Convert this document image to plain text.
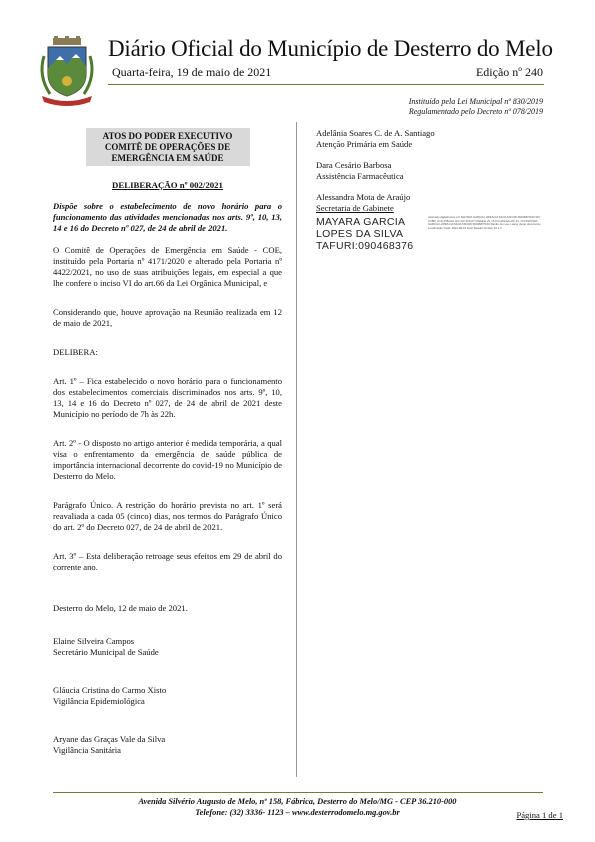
Diário Oficial do Município de Desterro do Melo
Quarta-feira, 19 de maio de 2021	Edição nº 240
Instituído pela Lei Municipal nº 830/2019
Regulamentado pelo Decreto nº 078/2019
ATOS DO PODER EXECUTIVO
COMITÊ DE OPERAÇÕES DE
EMERGÊNCIA EM SAÚDE
DELIBERAÇÃO nº 002/2021
Dispõe sobre o estabelecimento de novo horário para o funcionamento das atividades mencionadas nos arts. 9º, 10, 13, 14 e 16 do Decreto nº 027, de 24 de abril de 2021.
O Comitê de Operações de Emergência em Saúde - COE, instituído pela Portaria nº 4171/2020 e alterado pela Portaria nº 4422/2021, no uso de suas atribuições legais, em especial a que lhe confere o inciso VI do art.66 da Lei Orgânica Municipal, e
Considerando que, houve aprovação na Reunião realizada em 12 de maio de 2021,
DELIBERA:
Art. 1º – Fica estabelecido o novo horário para o funcionamento dos estabelecimentos comerciais discriminados nos arts. 9º, 10, 13, 14 e 16 do Decreto nº 027, de 24 de abril de 2021 deste Município no período de 7h às 22h.
Art. 2º - O disposto no artigo anterior é medida temporária, a qual visa o enfrentamento da emergência de saúde pública de importância internacional decorrente do covid-19 no Município de Desterro do Melo.
Parágrafo Único. A restrição do horário prevista no art. 1º será reavaliada a cada 05 (cinco) dias, nos termos do Parágrafo Único do art. 2º do Decreto 027, de 24 de abril de 2021.
Art. 3º – Esta deliberação retroage seus efeitos em 29 de abril do corrente ano.
Desterro do Melo, 12 de maio de 2021.
Elaine Silveira Campos
Secretário Municipal de Saúde
Gláucia Cristina do Carmo Xisto
Vigilância Epidemiológica
Aryane das Graças Vale da Silva
Vigilância Sanitária
Adelânia Soares C. de A. Santiago
Atenção Primária em Saúde
Dara Cesário Barbosa
Assistência Farmacêutica
Alessandra Mota de Araújo
Secretaria de Gabinete
MAYARA GARCIA
LOPES DA SILVA
TAFURI:090468376
Assinado digitalmente por MAYARA GARCIA LOPES DA SILVA TAFURI:09046837610 DN: C=BR, O=ICP-Brasil, OU=AC SOLUTI Multipla v5, OU=Certificado PF A1, CN=MAYARA GARCIA LOPES DA SILVA TAFURI:09046837610 Razão: Eu sou o autor deste documento Localização: Data: 2021-05-19 Foxit Reader Versão: 10.1.0
Avenida Silvério Augusto de Melo, nº 158, Fábrica, Desterro do Melo/MG - CEP 36.210-000
Telefone: (32) 3336- 1123 – www.desterrodomelo.mg.gov.br	Página 1 de 1
